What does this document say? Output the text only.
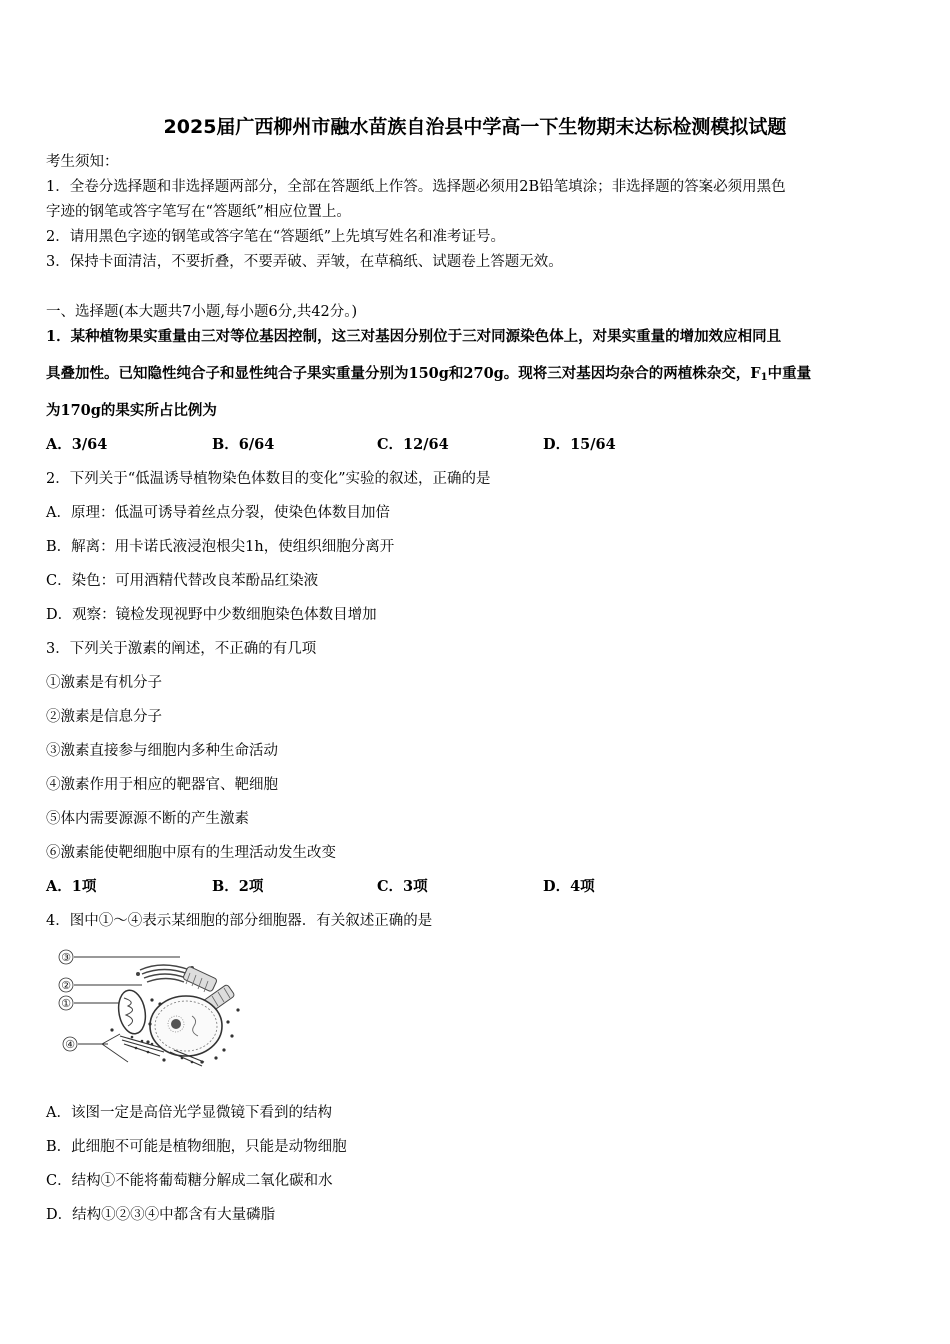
2025届广西柳州市融水苗族自治县中学高一下生物期末达标检测模拟试题
考生须知：
1．全卷分选择题和非选择题两部分，全部在答题纸上作答。选择题必须用2B铅笔填涂；非选择题的答案必须用黑色
字迹的钢笔或答字笔写在“答题纸”相应位置上。
2．请用黑色字迹的钢笔或答字笔在“答题纸”上先填写姓名和准考证号。
3．保持卡面清洁，不要折叠，不要弄破、弄皱，在草稿纸、试题卷上答题无效。
一、选择题(本大题共7小题,每小题6分,共42分。)
1．某种植物果实重量由三对等位基因控制，这三对基因分别位于三对同源染色体上，对果实重量的增加效应相同且
具叠加性。已知隐性纯合子和显性纯合子果实重量分别为150g和270g。现将三对基因均杂合的两植株杂交，$F_1$中重量
为170g的果实所占比例为
A．3/64	B．6/64	C．12/64	D．15/64
2．下列关于“低温诱导植物染色体数目的变化”实验的叙述，正确的是
A．原理：低温可诱导着丝点分裂，使染色体数目加倍
B．解离：用卡诺氏液浸泡根尖1h，使组织细胞分离开
C．染色：可用酒精代替改良苯酚品红染液
D．观察：镜检发现视野中少数细胞染色体数目增加
3．下列关于激素的阐述，不正确的有几项
①激素是有机分子
②激素是信息分子
③激素直接参与细胞内多种生命活动
④激素作用于相应的靶器官、靶细胞
⑤体内需要源源不断的产生激素
⑥激素能使靶细胞中原有的生理活动发生改变
A．1项	B．2项	C．3项	D．4项
4．图中①～④表示某细胞的部分细胞器．有关叙述正确的是
③
②
①
④
A．该图一定是高倍光学显微镜下看到的结构
B．此细胞不可能是植物细胞，只能是动物细胞
C．结构①不能将葡萄糖分解成二氧化碳和水
D．结构①②③④中都含有大量磷脂
